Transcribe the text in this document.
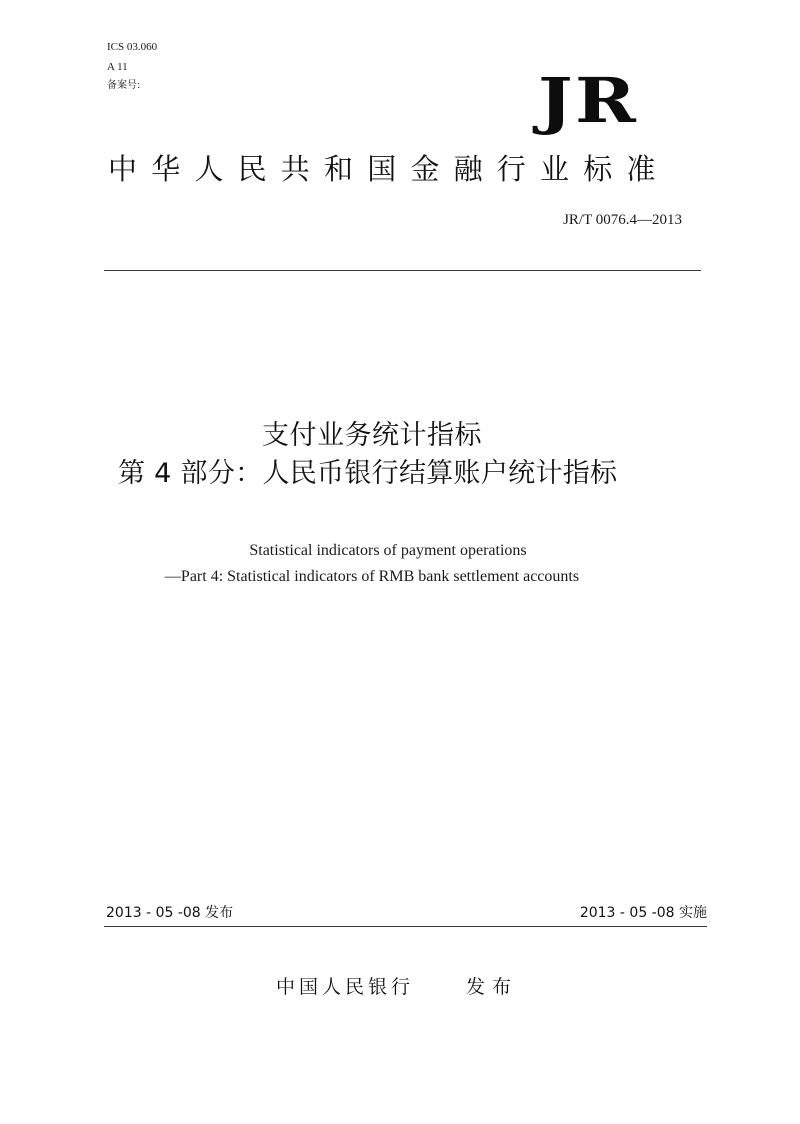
ICS 03.060
A 11
备案号:	JR
中华人民共和国金融行业标准
JR/T 0076.4—2013
支付业务统计指标
第 4 部分：人民币银行结算账户统计指标
Statistical indicators of payment operations
—Part 4: Statistical indicators of RMB bank settlement accounts
2013 - 05 -08 发布	2013 - 05 -08 实施
中国人民银行	发布
